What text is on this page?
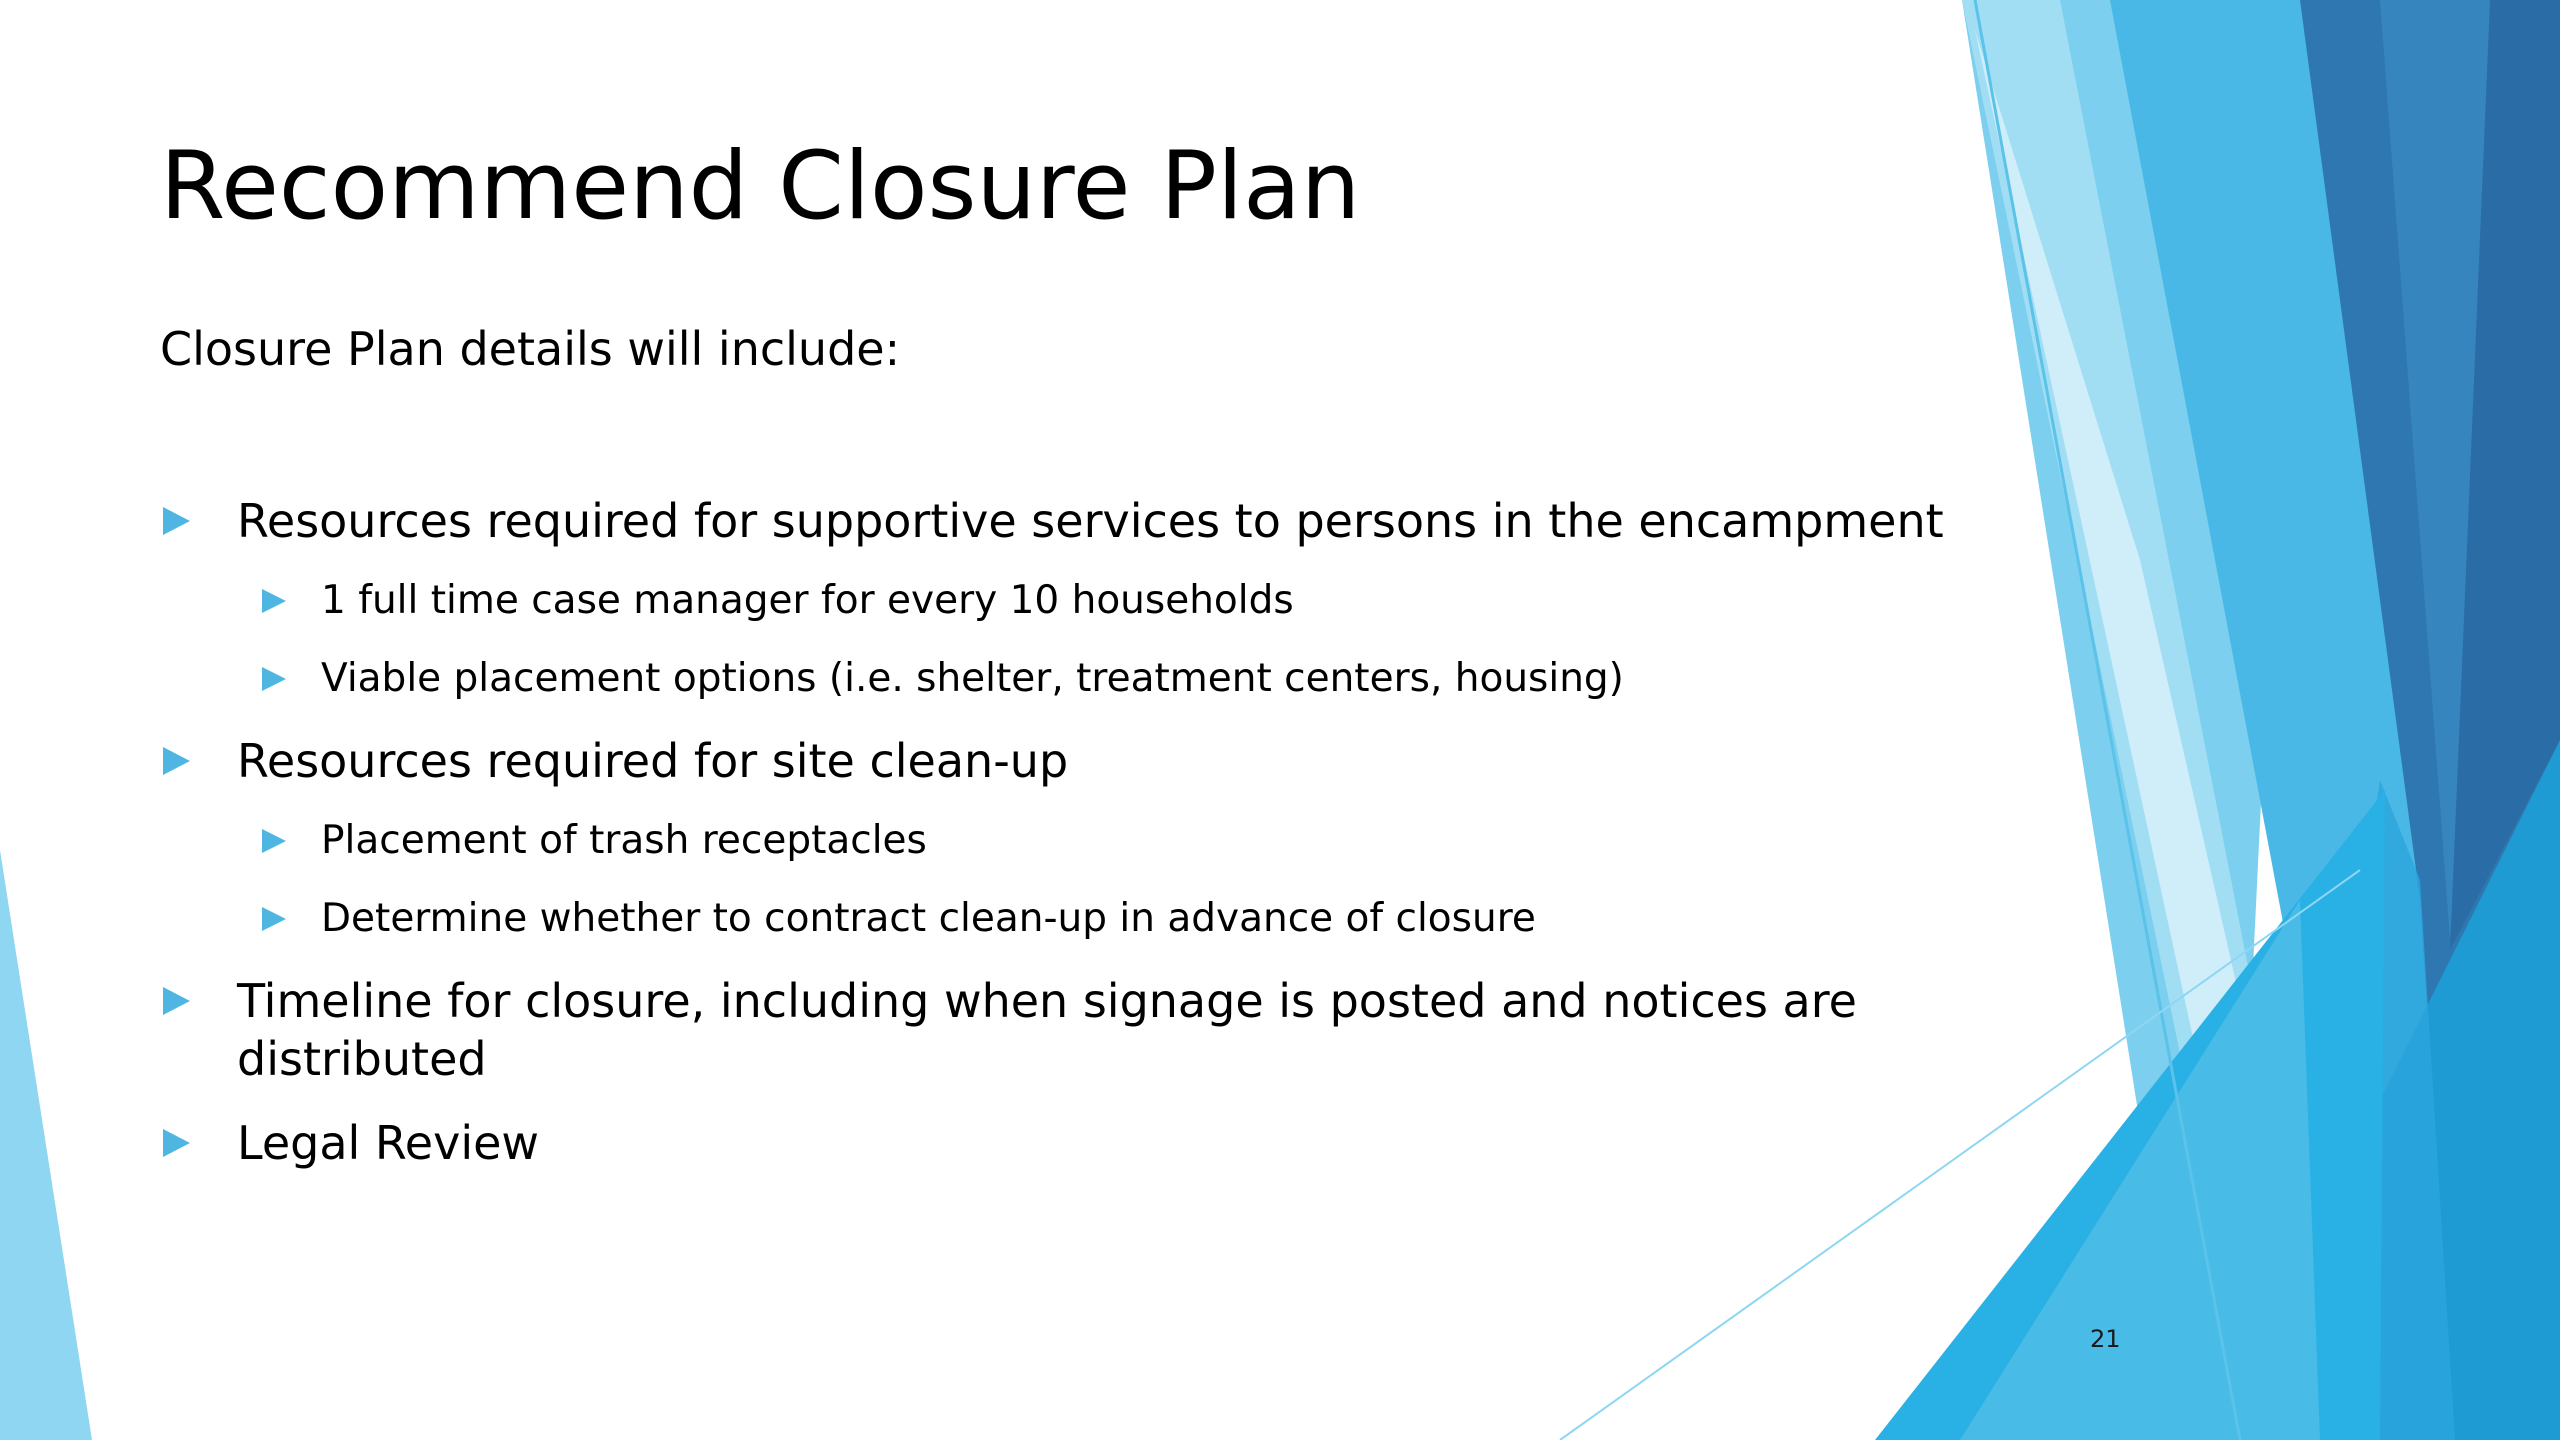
Recommend Closure Plan

Closure Plan details will include:

Resources required for supportive services to persons in the encampment
1 full time case manager for every 10 households
Viable placement options (i.e. shelter, treatment centers, housing)
Resources required for site clean-up
Placement of trash receptacles
Determine whether to contract clean-up in advance of closure
Timeline for closure, including when signage is posted and notices are distributed
Legal Review
21
